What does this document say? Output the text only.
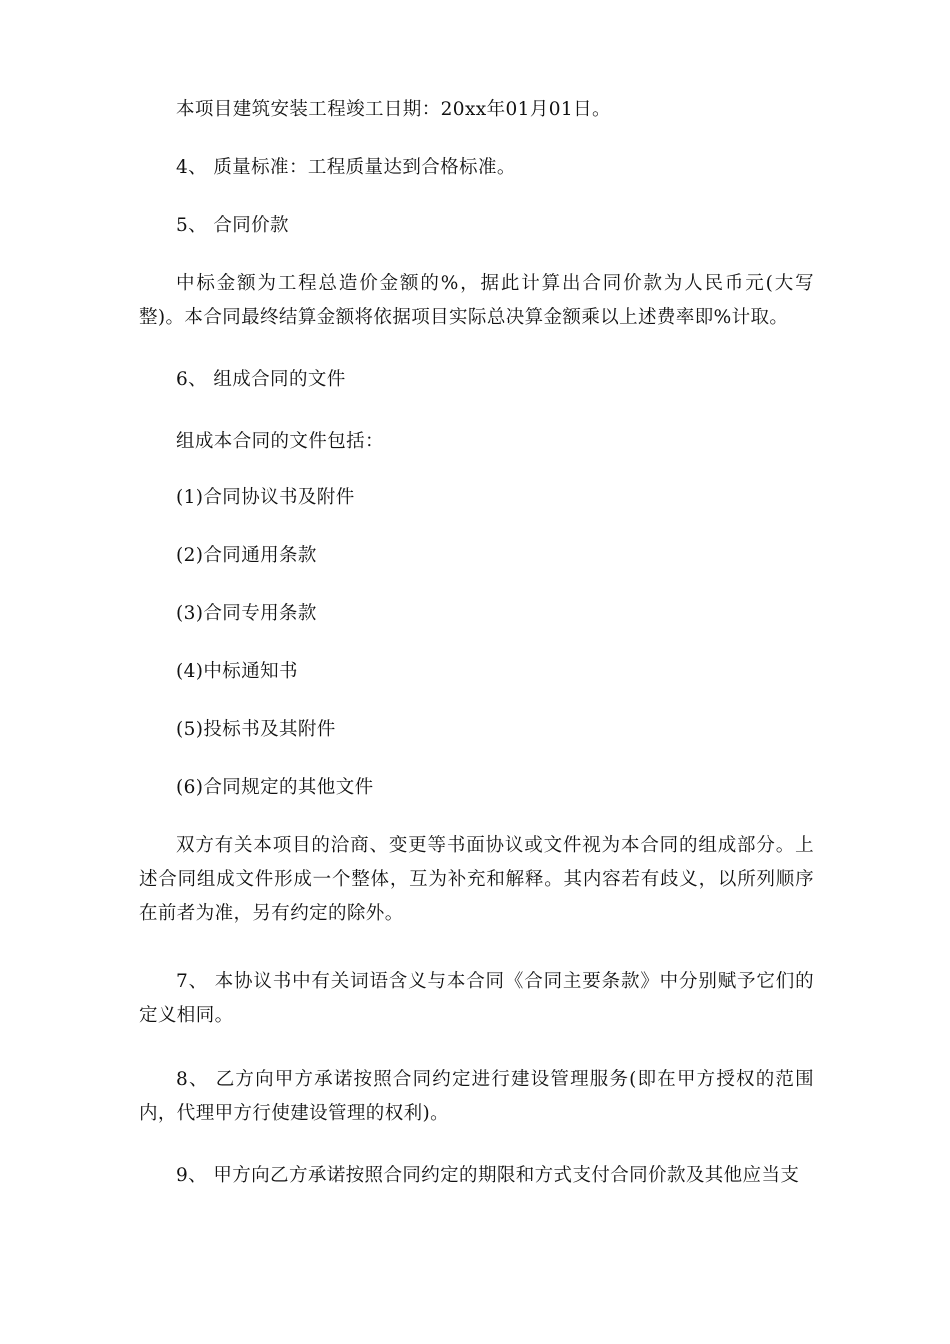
本项目建筑安装工程竣工日期：20xx年01月01日。

4、 质量标准：工程质量达到合格标准。

5、 合同价款

中标金额为工程总造价金额的%，据此计算出合同价款为人民币元(大写整)。本合同最终结算金额将依据项目实际总决算金额乘以上述费率即%计取。

6、 组成合同的文件

组成本合同的文件包括：

(1)合同协议书及附件

(2)合同通用条款

(3)合同专用条款

(4)中标通知书

(5)投标书及其附件

(6)合同规定的其他文件

双方有关本项目的洽商、变更等书面协议或文件视为本合同的组成部分。上述合同组成文件形成一个整体，互为补充和解释。其内容若有歧义，以所列顺序在前者为准，另有约定的除外。

7、 本协议书中有关词语含义与本合同《合同主要条款》中分别赋予它们的定义相同。

8、 乙方向甲方承诺按照合同约定进行建设管理服务(即在甲方授权的范围内，代理甲方行使建设管理的权利)。

9、 甲方向乙方承诺按照合同约定的期限和方式支付合同价款及其他应当支
